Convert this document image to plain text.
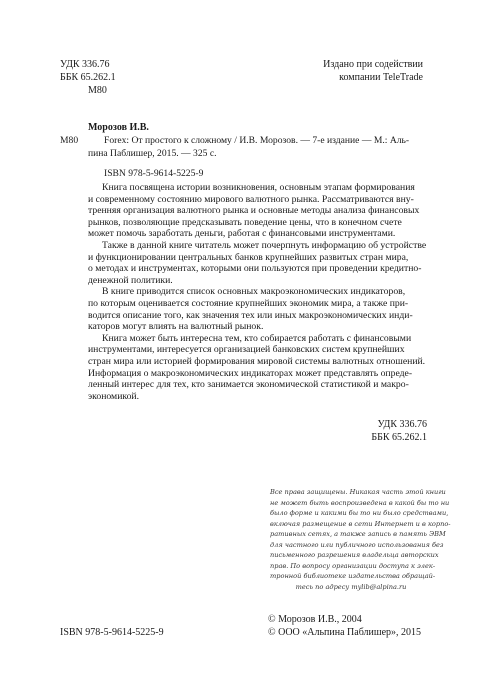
УДК 336.76
ББК 65.262.1
М80
Издано при содействии
компании TeleTrade
М80
Морозов И.В.
Forex: От простого к сложному / И.В. Морозов. — 7-е издание — М.: Аль-
пина Паблишер, 2015. — 325 с.
ISBN 978-5-9614-5225-9
Книга посвящена истории возникновения, основным этапам формирования
и современному состоянию мирового валютного рынка. Рассматриваются вну-
тренняя организация валютного рынка и основные методы анализа финансовых
рынков, позволяющие предсказывать поведение цены, что в конечном счете
может помочь заработать деньги, работая с финансовыми инструментами.
Также в данной книге читатель может почерпнуть информацию об устройстве
и функционировании центральных банков крупнейших развитых стран мира,
о методах и инструментах, которыми они пользуются при проведении кредитно-
денежной политики.
В книге приводится список основных макроэкономических индикаторов,
по которым оценивается состояние крупнейших экономик мира, а также при-
водится описание того, как значения тех или иных макроэкономических инди-
каторов могут влиять на валютный рынок.
Книга может быть интересна тем, кто собирается работать с финансовыми
инструментами, интересуется организацией банковских систем крупнейших
стран мира или историей формирования мировой системы валютных отношений.
Информация о макроэкономических индикаторах может представлять опреде-
ленный интерес для тех, кто занимается экономической статистикой и макро-
экономикой.
УДК 336.76
ББК 65.262.1
Все права защищены. Никакая часть этой книги
не может быть воспроизведена в какой бы то ни
было форме и какими бы то ни было средствами,
включая размещение в сети Интернет и в корпо-
ративных сетях, а также запись в память ЭВМ
для частного или публичного использования без
письменного разрешения владельца авторских
прав. По вопросу организации доступа к элек-
тронной библиотеке издательства обращай-
тесь по адресу mylib@alpina.ru
ISBN 978-5-9614-5225-9
© Морозов И.В., 2004
© ООО «Альпина Паблишер», 2015
